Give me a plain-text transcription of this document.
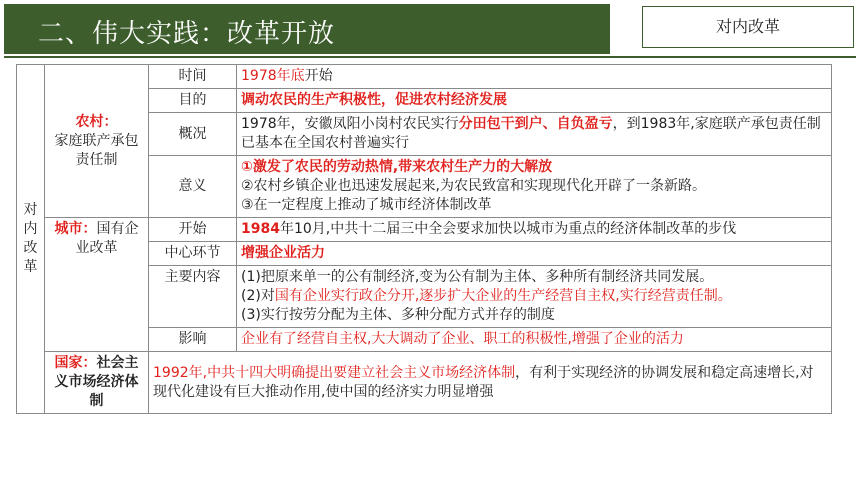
二、伟大实践：改革开放	对内改革
对
内
改
革	农村：
家庭联产承包责任制	时间	1978年底开始
		目的	调动农民的生产积极性，促进农村经济发展
		概况	1978年，安徽凤阳小岗村农民实行分田包干到户、自负盈亏，到1983年,家庭联产承包责任制已基本在全国农村普遍实行
		意义	①激发了农民的劳动热情,带来农村生产力的大解放
②农村乡镇企业也迅速发展起来,为农民致富和实现现代化开辟了一条新路。
③在一定程度上推动了城市经济体制改革

	城市：国有企业改革	开始	1984年10月,中共十二届三中全会要求加快以城市为重点的经济体制改革的步伐
		中心环节	增强企业活力
		主要内容	(1)把原来单一的公有制经济,变为公有制为主体、多种所有制经济共同发展。
(2)对国有企业实行政企分开,逐步扩大企业的生产经营自主权,实行经营责任制。
(3)实行按劳分配为主体、多种分配方式并存的制度

		影响	企业有了经营自主权,大大调动了企业、职工的积极性,增强了企业的活力
	国家：社会主义市场经济体制	1992年,中共十四大明确提出要建立社会主义市场经济体制，有利于实现经济的协调发展和稳定高速增长,对现代化建设有巨大推动作用,使中国的经济实力明显增强	
